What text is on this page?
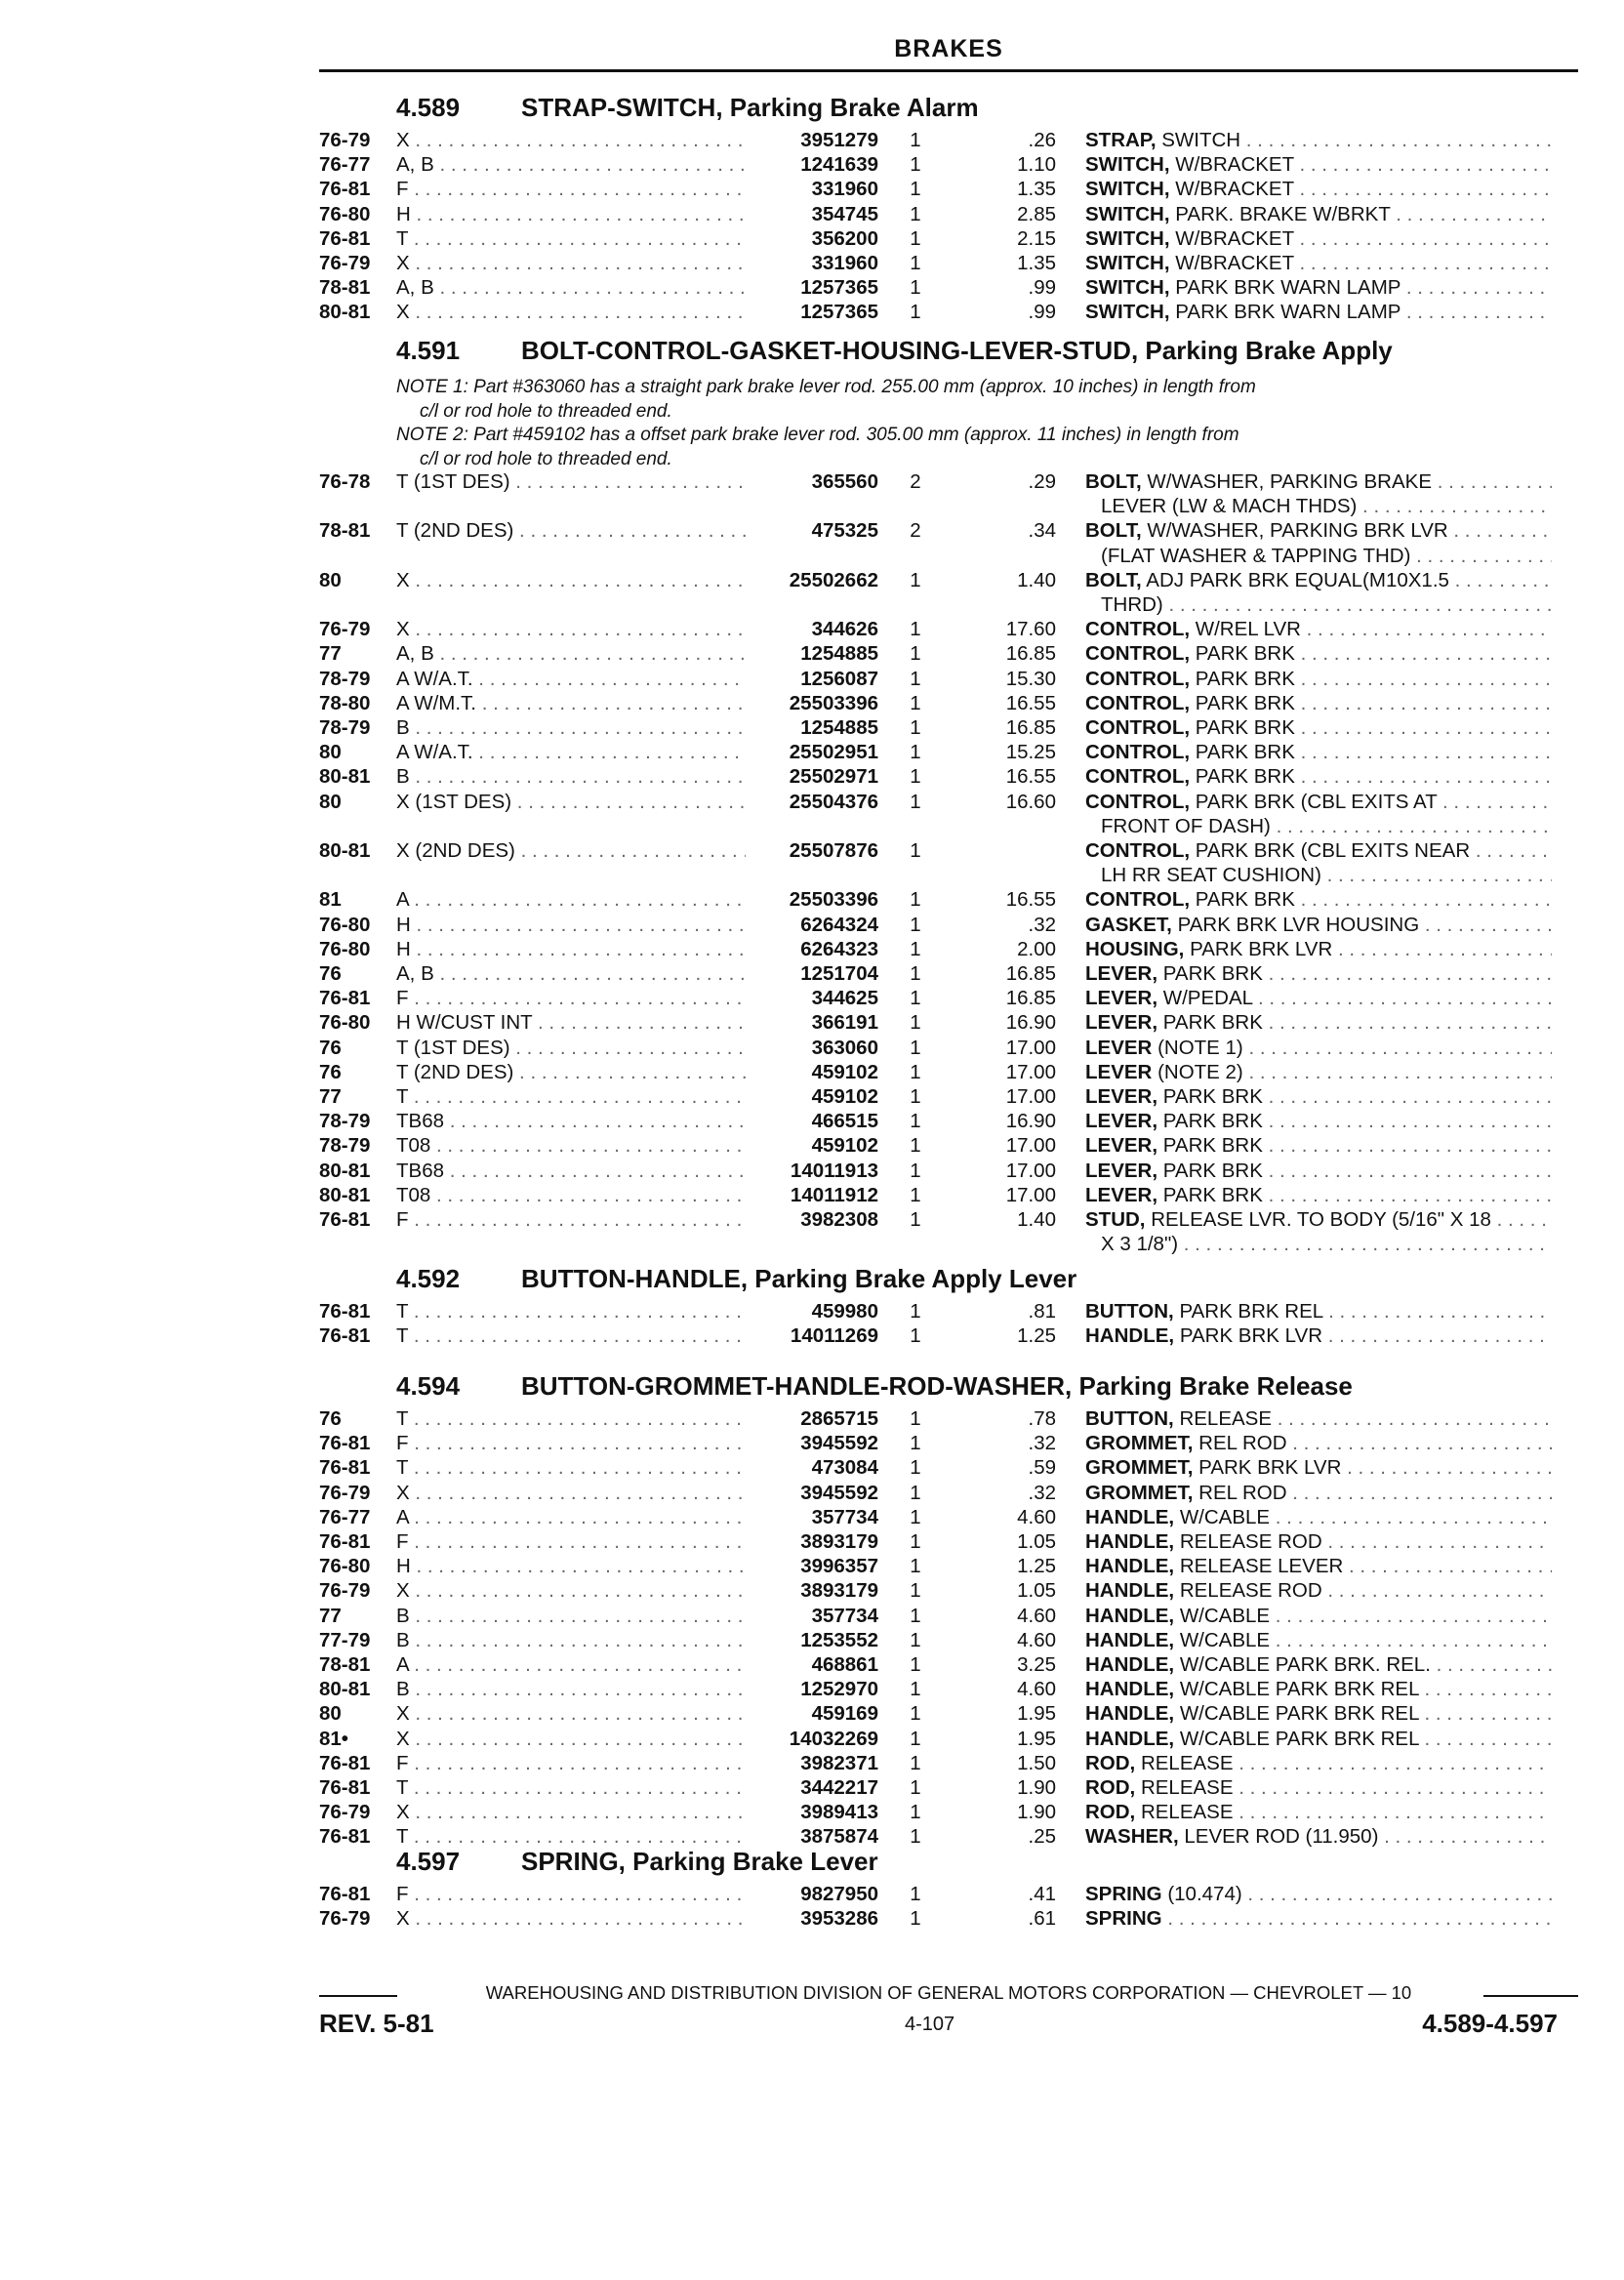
BRAKES
4.589 STRAP-SWITCH, Parking Brake Alarm
76-79 X . . .	3951279 1	.26 STRAP, SWITCH . . .
76-77 A, B . . .	1241639 1	1.10 SWITCH, W/BRACKET . . .
76-81 F . . .	331960 1	1.35 SWITCH, W/BRACKET . . .
76-80 H . . .	354745 1	2.85 SWITCH, PARK. BRAKE W/BRKT . . .
76-81 T . . .	356200 1	2.15 SWITCH, W/BRACKET . . .
76-79 X . . .	331960 1	1.35 SWITCH, W/BRACKET . . .
78-81 A, B . . .	1257365 1	.99 SWITCH, PARK BRK WARN LAMP . . .
80-81 X . . .	1257365 1	.99 SWITCH, PARK BRK WARN LAMP . . .
4.591 BOLT-CONTROL-GASKET-HOUSING-LEVER-STUD, Parking Brake Apply
NOTE 1: Part #363060 has a straight park brake lever rod. 255.00 mm (approx. 10 inches) in length from
c/l or rod hole to threaded end.
NOTE 2: Part #459102 has a offset park brake lever rod. 305.00 mm (approx. 11 inches) in length from
c/l or rod hole to threaded end.
76-78 T (1ST DES) . . .	365560 2	.29 BOLT, W/WASHER, PARKING BRAKE . . .
LEVER (LW & MACH THDS) . . .
78-81 T (2ND DES) . . .	475325 2	.34 BOLT, W/WASHER, PARKING BRK LVR . . .
(FLAT WASHER & TAPPING THD) . . .
80	X . . .	25502662 1	1.40 BOLT, ADJ PARK BRK EQUAL(M10X1.5 . . .
THRD) . . .
76-79 X . . .	344626 1	17.60 CONTROL, W/REL LVR . . .
77	A, B . . .	1254885 1	16.85 CONTROL, PARK BRK . . .
78-79 A W/A.T. . . .	1256087 1	15.30 CONTROL, PARK BRK . . .
78-80 A W/M.T. . . .	25503396 1	16.55 CONTROL, PARK BRK . . .
78-79 B . . .	1254885 1	16.85 CONTROL, PARK BRK . . .
80	A W/A.T. . . .	25502951 1	15.25 CONTROL, PARK BRK . . .
80-81 B . . .	25502971 1	16.55 CONTROL, PARK BRK . . .
80	X (1ST DES) . . .	25504376 1	16.60 CONTROL, PARK BRK (CBL EXITS AT . . .
FRONT OF DASH) . . .
80-81 X (2ND DES) . . .	25507876 1	CONTROL, PARK BRK (CBL EXITS NEAR . . .
LH RR SEAT CUSHION) . . .
81	A . . .	25503396 1	16.55 CONTROL, PARK BRK . . .
76-80 H . . .	6264324 1	.32 GASKET, PARK BRK LVR HOUSING . . .
76-80 H . . .	6264323 1	2.00 HOUSING, PARK BRK LVR . . .
76	A, B . . .	1251704 1	16.85 LEVER, PARK BRK . . .
76-81 F . . .	344625 1	16.85 LEVER, W/PEDAL . . .
76-80 H W/CUST INT . . .	366191 1	16.90 LEVER, PARK BRK . . .
76	T (1ST DES) . . .	363060 1	17.00 LEVER (NOTE 1) . . .
76	T (2ND DES) . . .	459102 1	17.00 LEVER (NOTE 2) . . .
77	T . . .	459102 1	17.00 LEVER, PARK BRK . . .
78-79 TB68 . . .	466515 1	16.90 LEVER, PARK BRK . . .
78-79 T08 . . .	459102 1	17.00 LEVER, PARK BRK . . .
80-81 TB68 . . .	14011913 1	17.00 LEVER, PARK BRK . . .
80-81 T08 . . .	14011912 1	17.00 LEVER, PARK BRK . . .
76-81 F . . .	3982308 1	1.40 STUD, RELEASE LVR. TO BODY (5/16" X 18 . . .
X 3 1/8") . . .
4.592 BUTTON-HANDLE, Parking Brake Apply Lever
76-81 T . . .	459980 1	.81 BUTTON, PARK BRK REL . . .
76-81 T . . .	14011269 1	1.25 HANDLE, PARK BRK LVR . . .
4.594 BUTTON-GROMMET-HANDLE-ROD-WASHER, Parking Brake Release
76	T . . .	2865715 1	.78 BUTTON, RELEASE . . .
76-81 F . . .	3945592 1	.32 GROMMET, REL ROD . . .
76-81 T . . .	473084 1	.59 GROMMET, PARK BRK LVR . . .
76-79 X . . .	3945592 1	.32 GROMMET, REL ROD . . .
76-77 A . . .	357734 1	4.60 HANDLE, W/CABLE . . .
76-81 F . . .	3893179 1	1.05 HANDLE, RELEASE ROD . . .
76-80 H . . .	3996357 1	1.25 HANDLE, RELEASE LEVER . . .
76-79 X . . .	3893179 1	1.05 HANDLE, RELEASE ROD . . .
77	B . . .	357734 1	4.60 HANDLE, W/CABLE . . .
77-79 B . . .	1253552 1	4.60 HANDLE, W/CABLE . . .
78-81 A . . .	468861 1	3.25 HANDLE, W/CABLE PARK BRK. REL. . . .
80-81 B . . .	1252970 1	4.60 HANDLE, W/CABLE PARK BRK REL . . .
80	X . . .	459169 1	1.95 HANDLE, W/CABLE PARK BRK REL . . .
81• X . . .	14032269 1	1.95 HANDLE, W/CABLE PARK BRK REL . . .
76-81 F . . .	3982371 1	1.50 ROD, RELEASE . . .
76-81 T . . .	3442217 1	1.90 ROD, RELEASE . . .
76-79 X . . .	3989413 1	1.90 ROD, RELEASE . . .
76-81 T . . .	3875874 1	.25 WASHER, LEVER ROD (11.950) . . .
4.597 SPRING, Parking Brake Lever
76-81 F . . .	9827950 1	.41 SPRING (10.474) . . .
76-79 X . . .	3953286 1	.61 SPRING . . .
WAREHOUSING AND DISTRIBUTION DIVISION OF GENERAL MOTORS CORPORATION — CHEVROLET — 10
REV. 5-81	4-107	4.589-4.597
